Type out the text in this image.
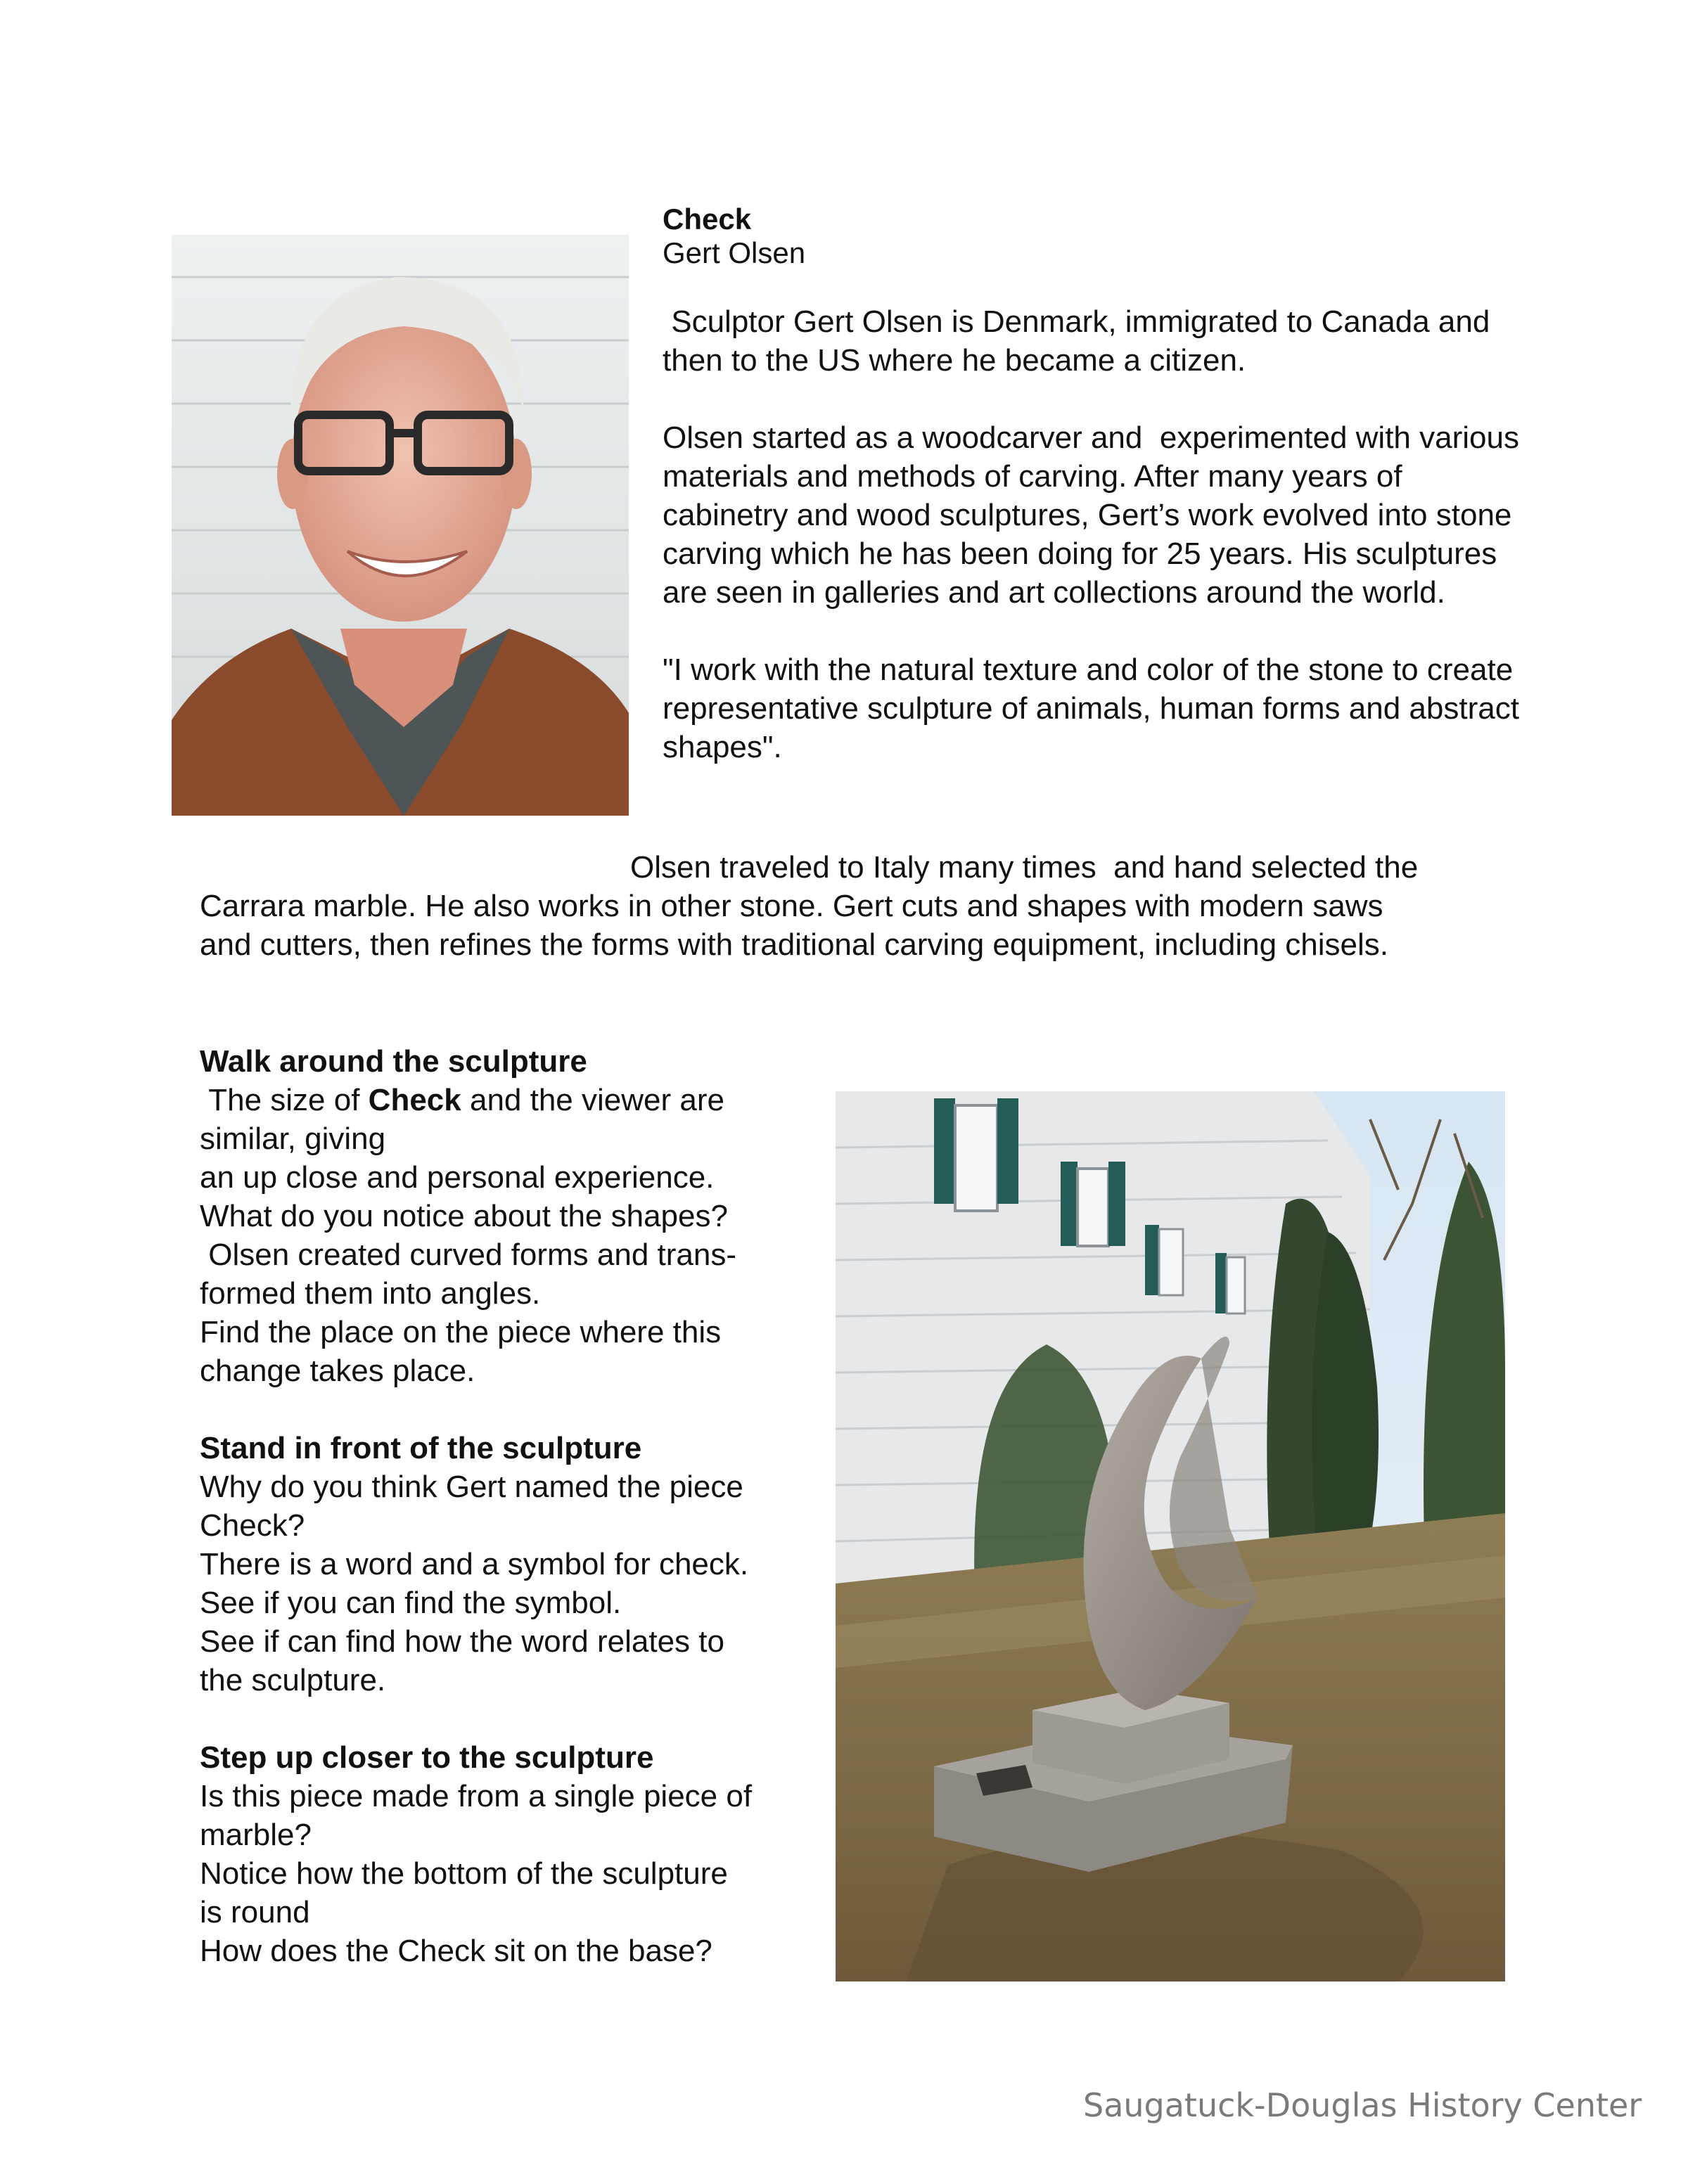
Check
Gert Olsen

Sculptor Gert Olsen is Denmark, immigrated to Canada and then to the US where he became a citizen.

Olsen started as a woodcarver and  experimented with various materials and methods of carving. After many years of cabinetry and wood sculptures, Gert’s work evolved into stone carving which he has been doing for 25 years. His sculptures are seen in galleries and art collections around the world.

"I work with the natural texture and color of the stone to create representative sculpture of animals, human forms and abstract shapes".

Olsen traveled to Italy many times  and hand selected the
Carrara marble. He also works in other stone. Gert cuts and shapes with modern saws
and cutters, then refines the forms with traditional carving equipment, including chisels.
Walk around the sculpture
The size of Check and the viewer are
similar, giving
an up close and personal experience.
What do you notice about the shapes?
Olsen created curved forms and trans-
formed them into angles.
Find the place on the piece where this
change takes place.
Stand in front of the sculpture
Why do you think Gert named the piece
Check?
There is a word and a symbol for check.
See if you can find the symbol.
See if can find how the word relates to
the sculpture.
Step up closer to the sculpture
Is this piece made from a single piece of
marble?
Notice how the bottom of the sculpture
is round
How does the Check sit on the base?
Saugatuck-Douglas History Center
